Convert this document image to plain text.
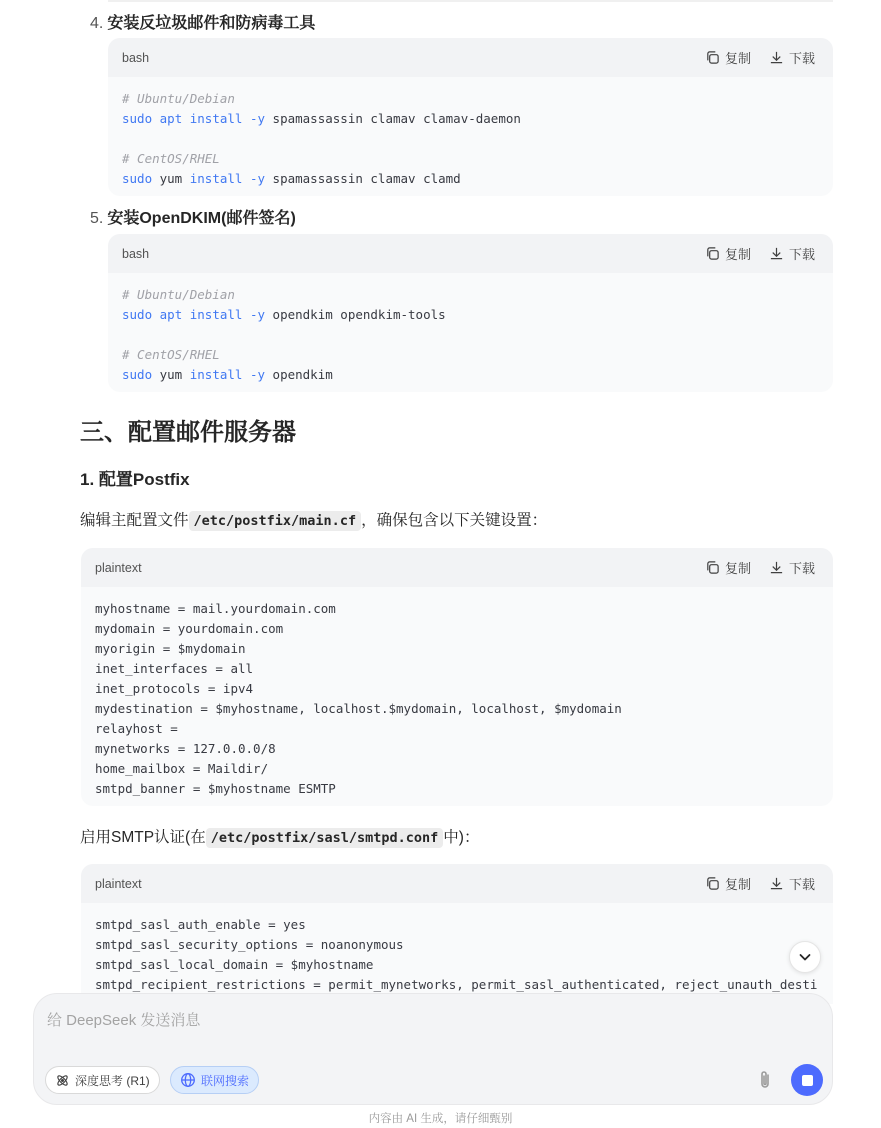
4. 安装反垃圾邮件和防病毒工具
bash	复制	下载
# Ubuntu/Debian
sudo apt install -y spamassassin clamav clamav-daemon
# CentOS/RHEL
sudo yum install -y spamassassin clamav clamd
5. 安装OpenDKIM(邮件签名)
bash	复制	下载
# Ubuntu/Debian
sudo apt install -y opendkim opendkim-tools
# CentOS/RHEL
sudo yum install -y opendkim
三、配置邮件服务器
1. 配置Postfix
编辑主配置文件 /etc/postfix/main.cf ，确保包含以下关键设置：
plaintext	复制	下载
myhostname = mail.yourdomain.com
mydomain = yourdomain.com
myorigin = $mydomain
inet_interfaces = all
inet_protocols = ipv4
mydestination = $myhostname, localhost.$mydomain, localhost, $mydomain
relayhost =
mynetworks = 127.0.0.0/8
home_mailbox = Maildir/
smtpd_banner = $myhostname ESMTP
启用SMTP认证(在 /etc/postfix/sasl/smtpd.conf 中)：
plaintext	复制	下载
smtpd_sasl_auth_enable = yes
smtpd_sasl_security_options = noanonymous
smtpd_sasl_local_domain = $myhostname
smtpd_recipient_restrictions = permit_mynetworks, permit_sasl_authenticated, reject_unauth_desti
给 DeepSeek 发送消息
深度思考 (R1)	联网搜索
内容由 AI 生成，请仔细甄别
